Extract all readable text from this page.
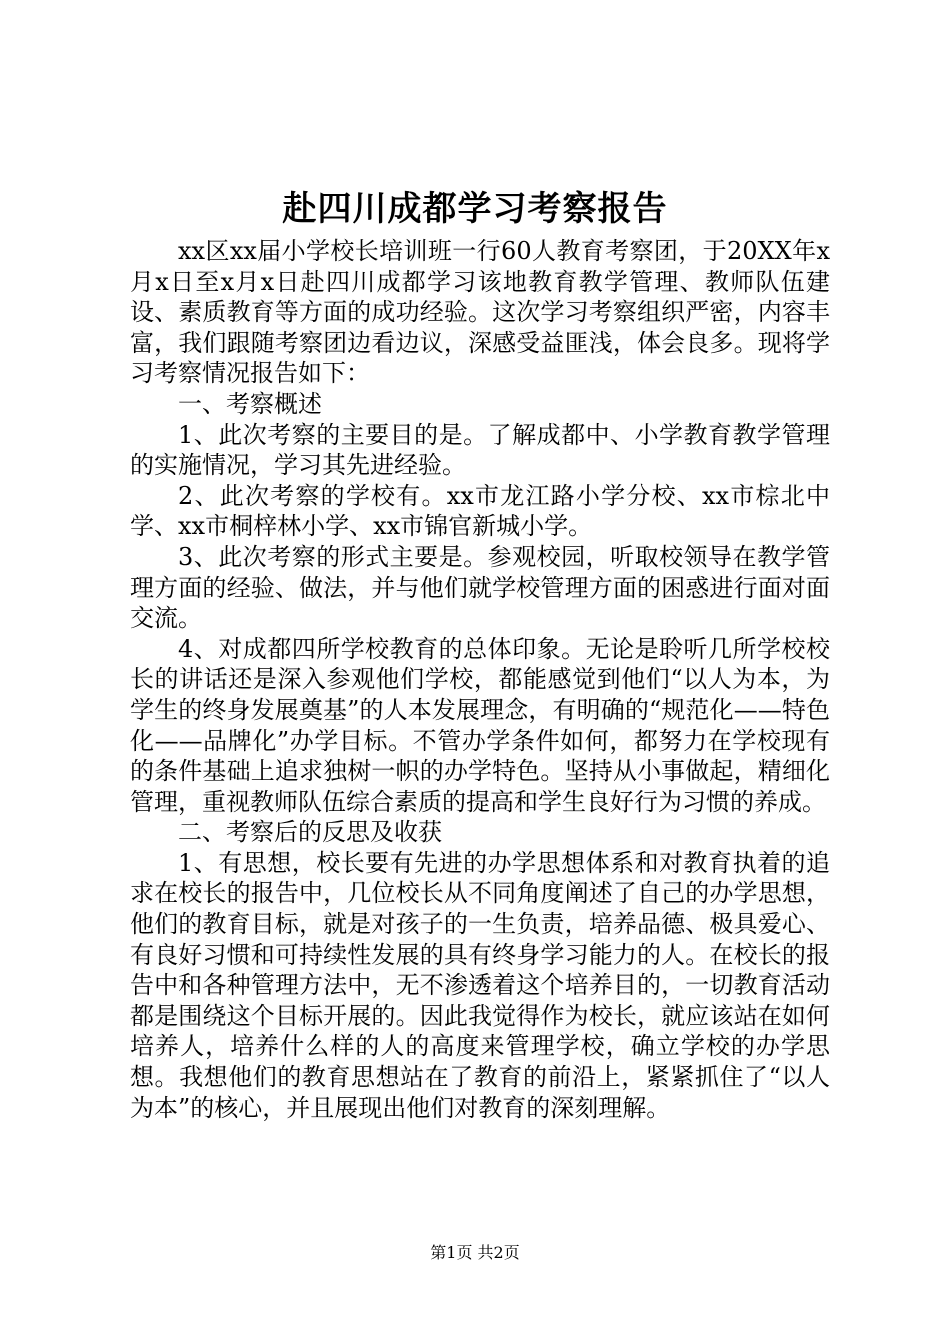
赴四川成都学习考察报告

xx区xx届小学校长培训班一行60人教育考察团，于20XX年x月x日至x月x日赴四川成都学习该地教育教学管理、教师队伍建设、素质教育等方面的成功经验。这次学习考察组织严密，内容丰富，我们跟随考察团边看边议，深感受益匪浅，体会良多。现将学习考察情况报告如下：

一、考察概述

1、此次考察的主要目的是。了解成都中、小学教育教学管理的实施情况，学习其先进经验。

2、此次考察的学校有。xx市龙江路小学分校、xx市棕北中学、xx市桐梓林小学、xx市锦官新城小学。

3、此次考察的形式主要是。参观校园，听取校领导在教学管理方面的经验、做法，并与他们就学校管理方面的困惑进行面对面交流。

4、对成都四所学校教育的总体印象。无论是聆听几所学校校长的讲话还是深入参观他们学校，都能感觉到他们“以人为本，为学生的终身发展奠基”的人本发展理念，有明确的“规范化——特色化——品牌化”办学目标。不管办学条件如何，都努力在学校现有的条件基础上追求独树一帜的办学特色。坚持从小事做起，精细化管理，重视教师队伍综合素质的提高和学生良好行为习惯的养成。

二、考察后的反思及收获

1、有思想，校长要有先进的办学思想体系和对教育执着的追求在校长的报告中，几位校长从不同角度阐述了自己的办学思想，他们的教育目标，就是对孩子的一生负责，培养品德、极具爱心、有良好习惯和可持续性发展的具有终身学习能力的人。在校长的报告中和各种管理方法中，无不渗透着这个培养目的，一切教育活动都是围绕这个目标开展的。因此我觉得作为校长，就应该站在如何培养人，培养什么样的人的高度来管理学校，确立学校的办学思想。我想他们的教育思想站在了教育的前沿上，紧紧抓住了“以人为本”的核心，并且展现出他们对教育的深刻理解。

第1页 共2页
